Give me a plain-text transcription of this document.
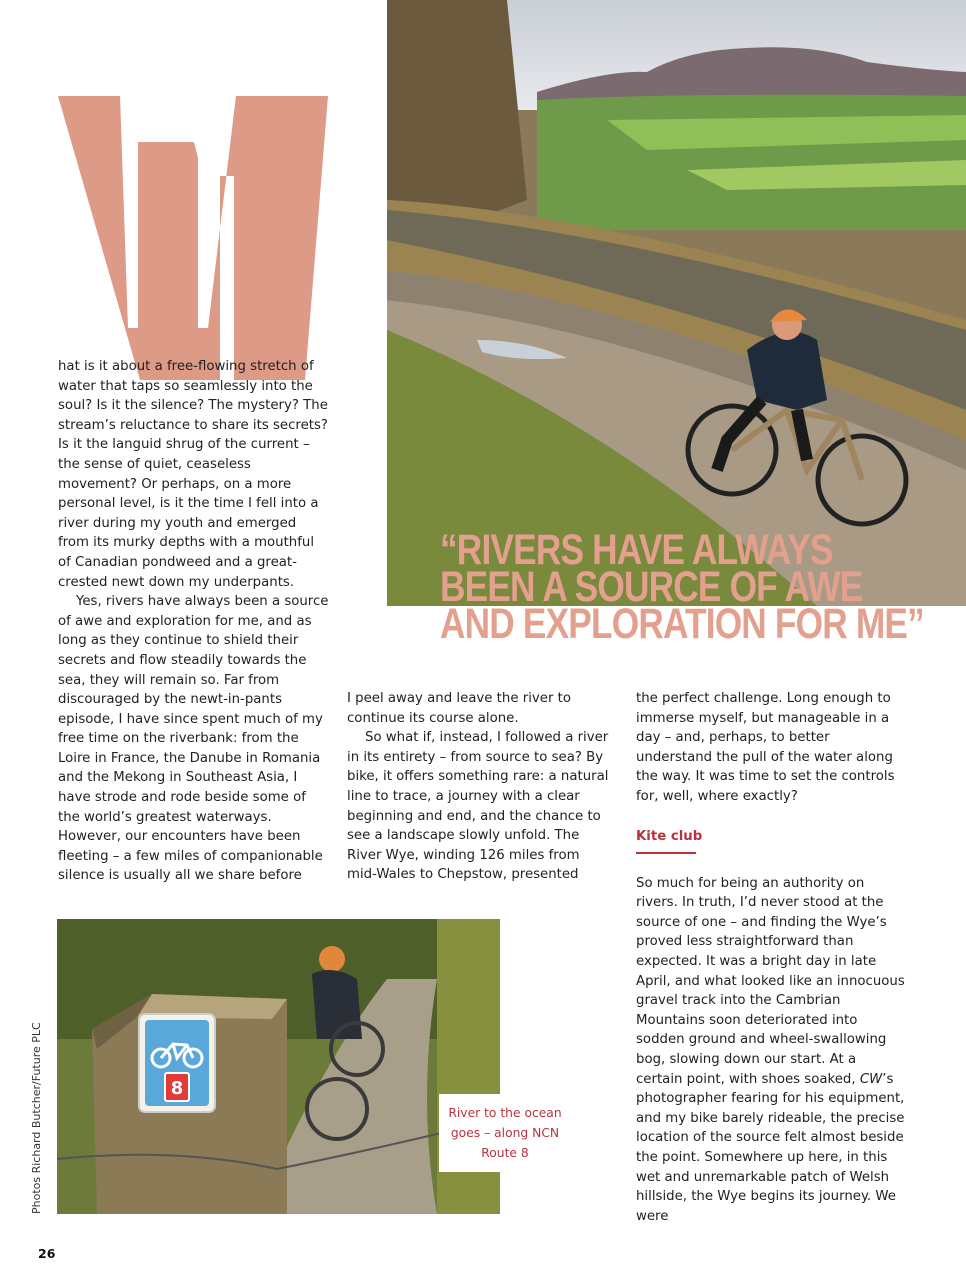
hat is it about a free-flowing stretch of water that taps so seamlessly into the soul? Is it the silence? The mystery? The stream’s reluctance to share its secrets? Is it the languid shrug of the current – the sense of quiet, ceaseless movement? Or perhaps, on a more personal level, is it the time I fell into a river during my youth and emerged from its murky depths with a mouthful of Canadian pondweed and a great-crested newt down my underpants.

Yes, rivers have always been a source of awe and exploration for me, and as long as they continue to shield their secrets and flow steadily towards the sea, they will remain so. Far from discouraged by the newt-in-pants episode, I have since spent much of my free time on the riverbank: from the Loire in France, the Danube in Romania and the Mekong in Southeast Asia, I have strode and rode beside some of the world’s greatest waterways. However, our encounters have been fleeting – a few miles of companionable silence is usually all we share before

“RIVERS HAVE ALWAYS
BEEN A SOURCE OF AWE
AND EXPLORATION FOR ME”

I peel away and leave the river to continue its course alone.

So what if, instead, I followed a river in its entirety – from source to sea? By bike, it offers something rare: a natural line to trace, a journey with a clear beginning and end, and the chance to see a landscape slowly unfold. The River Wye, winding 126 miles from mid-Wales to Chepstow, presented

the perfect challenge. Long enough to immerse myself, but manageable in a day – and, perhaps, to better understand the pull of the water along the way. It was time to set the controls for, well, where exactly?

Kite club

So much for being an authority on rivers. In truth, I’d never stood at the source of one – and finding the Wye’s proved less straightforward than expected. It was a bright day in late April, and what looked like an innocuous gravel track into the Cambrian Mountains soon deteriorated into sodden ground and wheel-swallowing bog, slowing down our start. At a certain point, with shoes soaked, CW’s photographer fearing for his equipment, and my bike barely rideable, the precise location of the source felt almost beside the point. Somewhere up here, in this wet and unremarkable patch of Welsh hillside, the Wye begins its journey. We were

8
River to the ocean goes – along NCN Route 8
Photos Richard Butcher/Future PLC
26
